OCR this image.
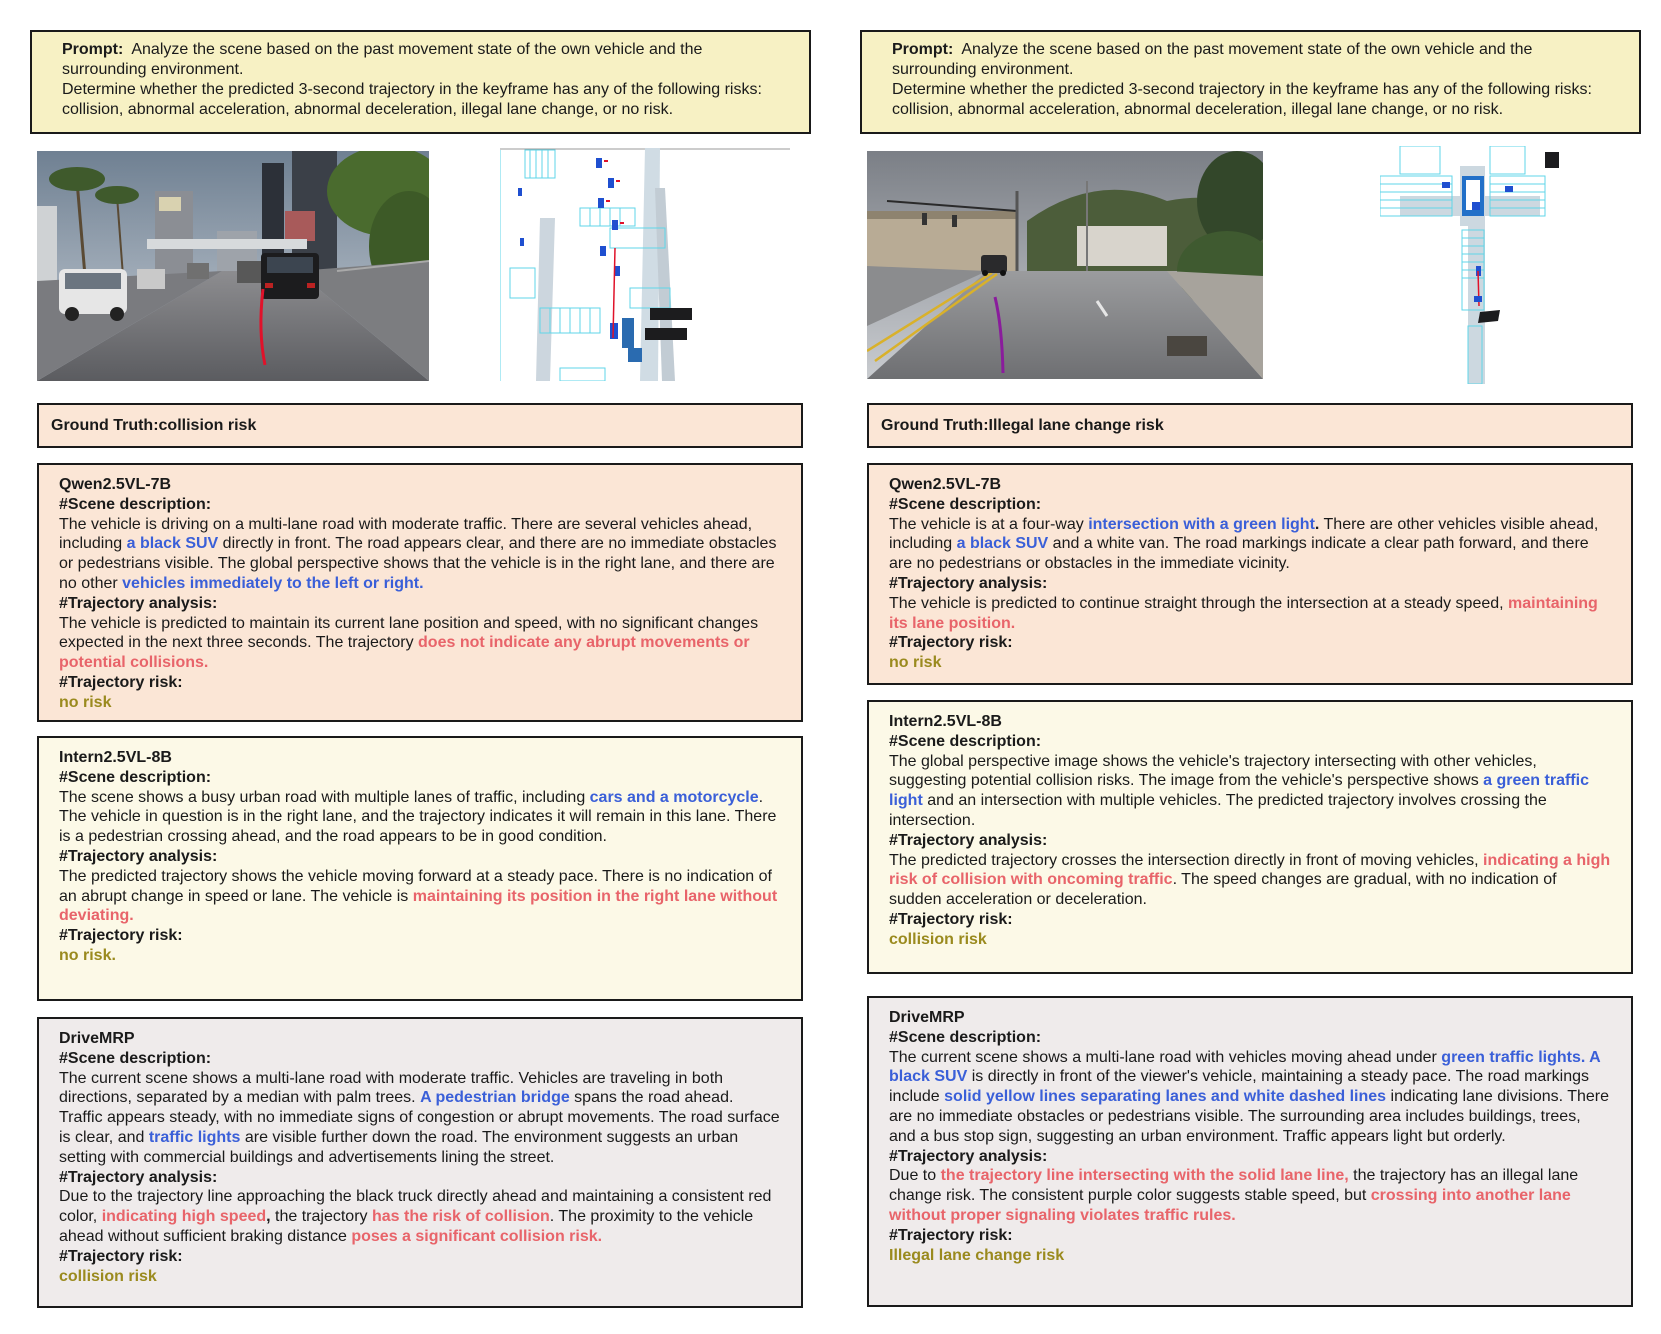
Prompt: Analyze the scene based on the past movement state of the own vehicle and the surrounding environment.

Determine whether the predicted 3-second trajectory in the keyframe has any of the following risks: collision, abnormal acceleration, abnormal deceleration, illegal lane change, or no risk.

Ground Truth:collision risk

Qwen2.5VL-7B

#Scene description:

The vehicle is driving on a multi-lane road with moderate traffic. There are several vehicles ahead, including a black SUV directly in front. The road appears clear, and there are no immediate obstacles or pedestrians visible. The global perspective shows that the vehicle is in the right lane, and there are no other vehicles immediately to the left or right.

#Trajectory analysis:

The vehicle is predicted to maintain its current lane position and speed, with no significant changes expected in the next three seconds. The trajectory does not indicate any abrupt movements or potential collisions.

#Trajectory risk:

no risk

Intern2.5VL-8B

#Scene description:

The scene shows a busy urban road with multiple lanes of traffic, including cars and a motorcycle. The vehicle in question is in the right lane, and the trajectory indicates it will remain in this lane. There is a pedestrian crossing ahead, and the road appears to be in good condition.

#Trajectory analysis:

The predicted trajectory shows the vehicle moving forward at a steady pace. There is no indication of an abrupt change in speed or lane. The vehicle is maintaining its position in the right lane without deviating.

#Trajectory risk:

no risk.

DriveMRP

#Scene description:

The current scene shows a multi-lane road with moderate traffic. Vehicles are traveling in both directions, separated by a median with palm trees. A pedestrian bridge spans the road ahead. Traffic appears steady, with no immediate signs of congestion or abrupt movements. The road surface is clear, and traffic lights are visible further down the road. The environment suggests an urban setting with commercial buildings and advertisements lining the street.

#Trajectory analysis:

Due to the trajectory line approaching the black truck directly ahead and maintaining a consistent red color, indicating high speed, the trajectory has the risk of collision. The proximity to the vehicle ahead without sufficient braking distance poses a significant collision risk.

#Trajectory risk:

collision risk

Prompt: Analyze the scene based on the past movement state of the own vehicle and the surrounding environment.

Determine whether the predicted 3-second trajectory in the keyframe has any of the following risks: collision, abnormal acceleration, abnormal deceleration, illegal lane change, or no risk.

Ground Truth:Illegal lane change risk

Qwen2.5VL-7B

#Scene description:

The vehicle is at a four-way intersection with a green light. There are other vehicles visible ahead, including a black SUV and a white van. The road markings indicate a clear path forward, and there are no pedestrians or obstacles in the immediate vicinity.

#Trajectory analysis:

The vehicle is predicted to continue straight through the intersection at a steady speed, maintaining its lane position.

#Trajectory risk:

no risk

Intern2.5VL-8B

#Scene description:

The global perspective image shows the vehicle's trajectory intersecting with other vehicles, suggesting potential collision risks. The image from the vehicle's perspective shows a green traffic light and an intersection with multiple vehicles. The predicted trajectory involves crossing the intersection.

#Trajectory analysis:

The predicted trajectory crosses the intersection directly in front of moving vehicles, indicating a high risk of collision with oncoming traffic. The speed changes are gradual, with no indication of sudden acceleration or deceleration.

#Trajectory risk:

collision risk

DriveMRP

#Scene description:

The current scene shows a multi-lane road with vehicles moving ahead under green traffic lights. A black SUV is directly in front of the viewer's vehicle, maintaining a steady pace. The road markings include solid yellow lines separating lanes and white dashed lines indicating lane divisions. There are no immediate obstacles or pedestrians visible. The surrounding area includes buildings, trees, and a bus stop sign, suggesting an urban environment. Traffic appears light but orderly.

#Trajectory analysis:

Due to the trajectory line intersecting with the solid lane line, the trajectory has an illegal lane change risk. The consistent purple color suggests stable speed, but crossing into another lane without proper signaling violates traffic rules.

#Trajectory risk:

Illegal lane change risk
